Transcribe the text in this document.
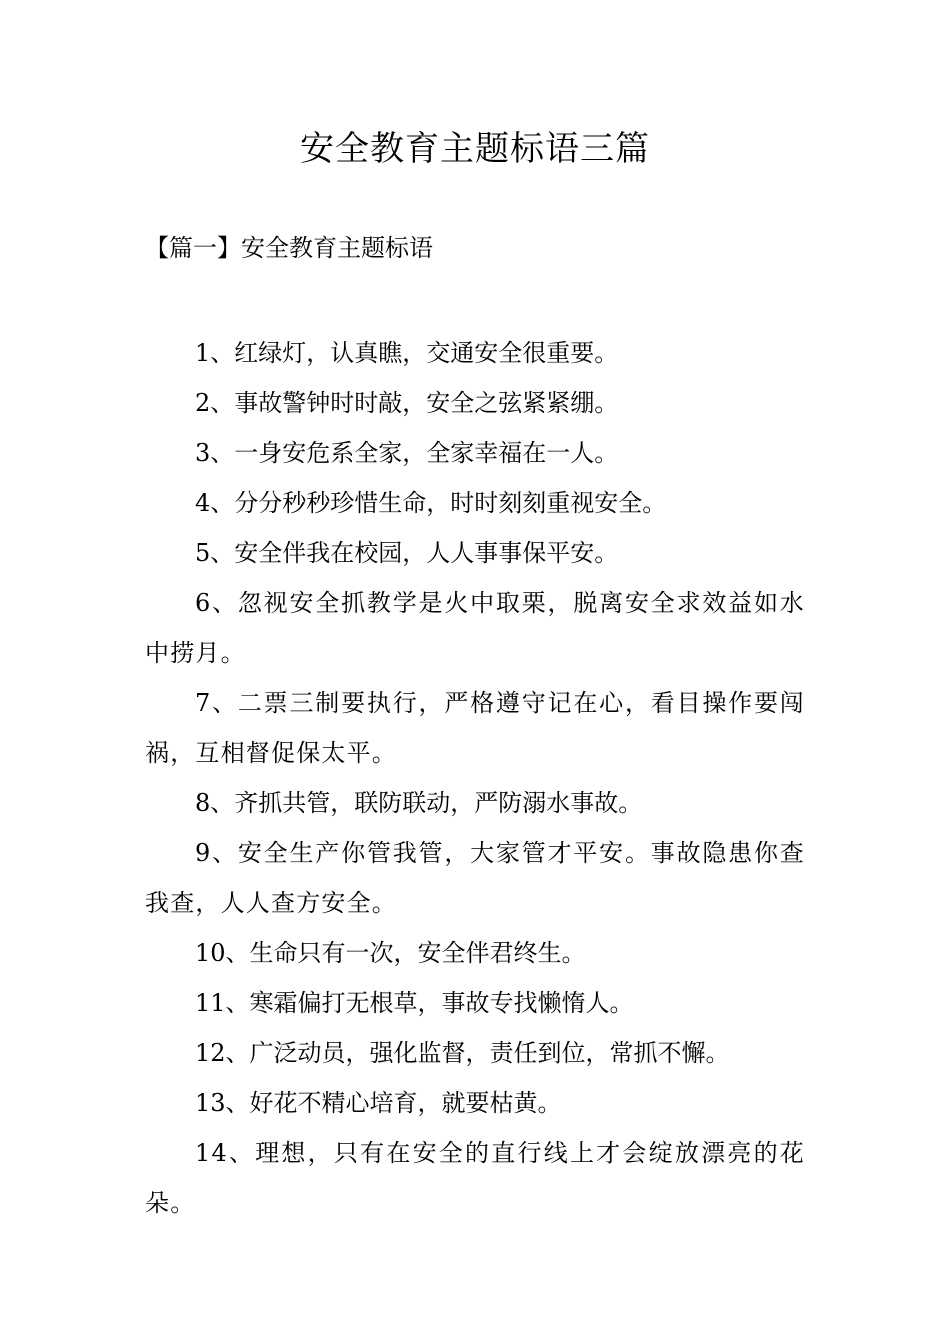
安全教育主题标语三篇
【篇一】安全教育主题标语
1、红绿灯，认真瞧，交通安全很重要。
2、事故警钟时时敲，安全之弦紧紧绷。
3、一身安危系全家，全家幸福在一人。
4、分分秒秒珍惜生命，时时刻刻重视安全。
5、安全伴我在校园，人人事事保平安。
6、忽视安全抓教学是火中取栗，脱离安全求效益如水中捞月。
7、二票三制要执行，严格遵守记在心，看目操作要闯祸，互相督促保太平。
8、齐抓共管，联防联动，严防溺水事故。
9、安全生产你管我管，大家管才平安。事故隐患你查我查，人人查方安全。
10、生命只有一次，安全伴君终生。
11、寒霜偏打无根草，事故专找懒惰人。
12、广泛动员，强化监督，责任到位，常抓不懈。
13、好花不精心培育，就要枯黄。
14、理想，只有在安全的直行线上才会绽放漂亮的花朵。
